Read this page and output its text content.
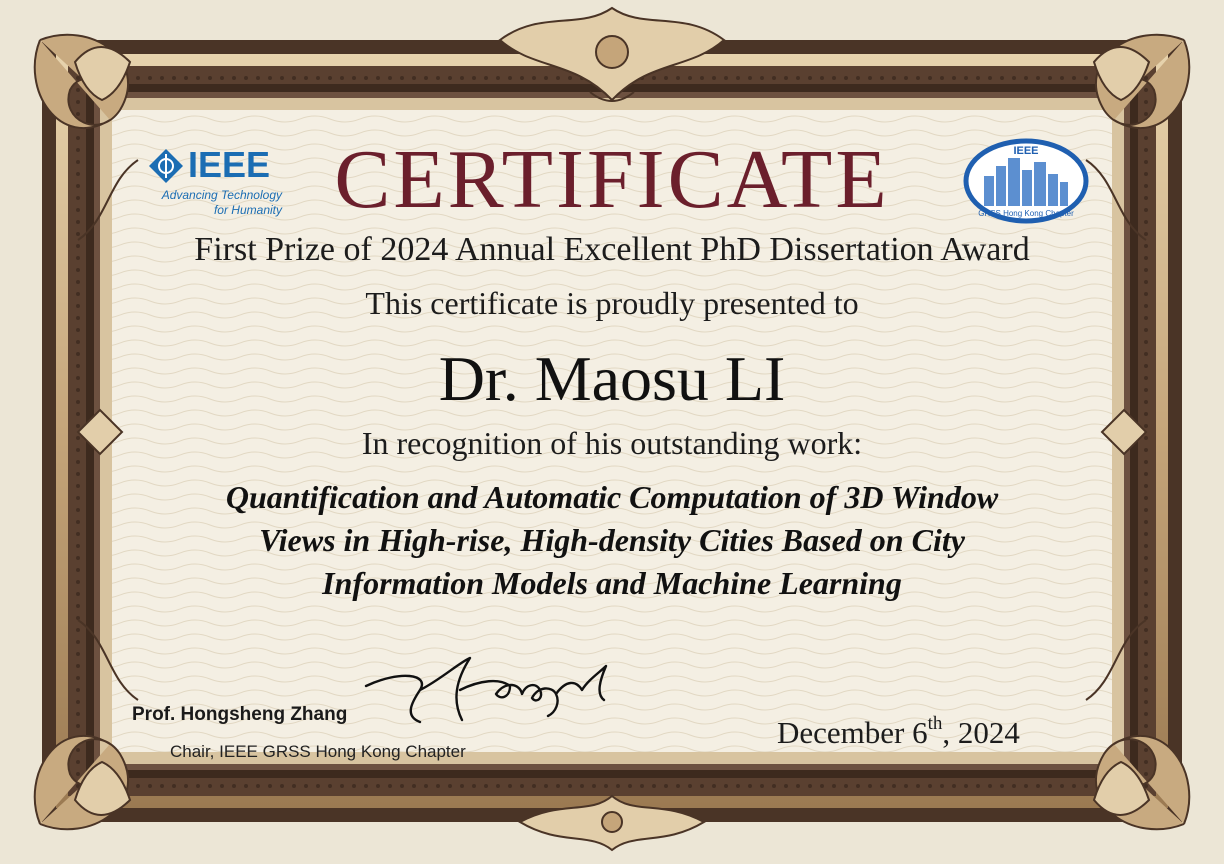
IEEE
Advancing Technology
for Humanity
IEEE
GRSS Hong Kong Chapter
CERTIFICATE
First Prize of 2024 Annual Excellent PhD Dissertation Award
This certificate is proudly presented to
Dr. Maosu LI
In recognition of his outstanding work:
Quantification and Automatic Computation of 3D Window
Views in High-rise, High-density Cities Based on City
Information Models and Machine Learning
Prof. Hongsheng Zhang
Chair, IEEE GRSS Hong Kong Chapter
December 6th, 2024
